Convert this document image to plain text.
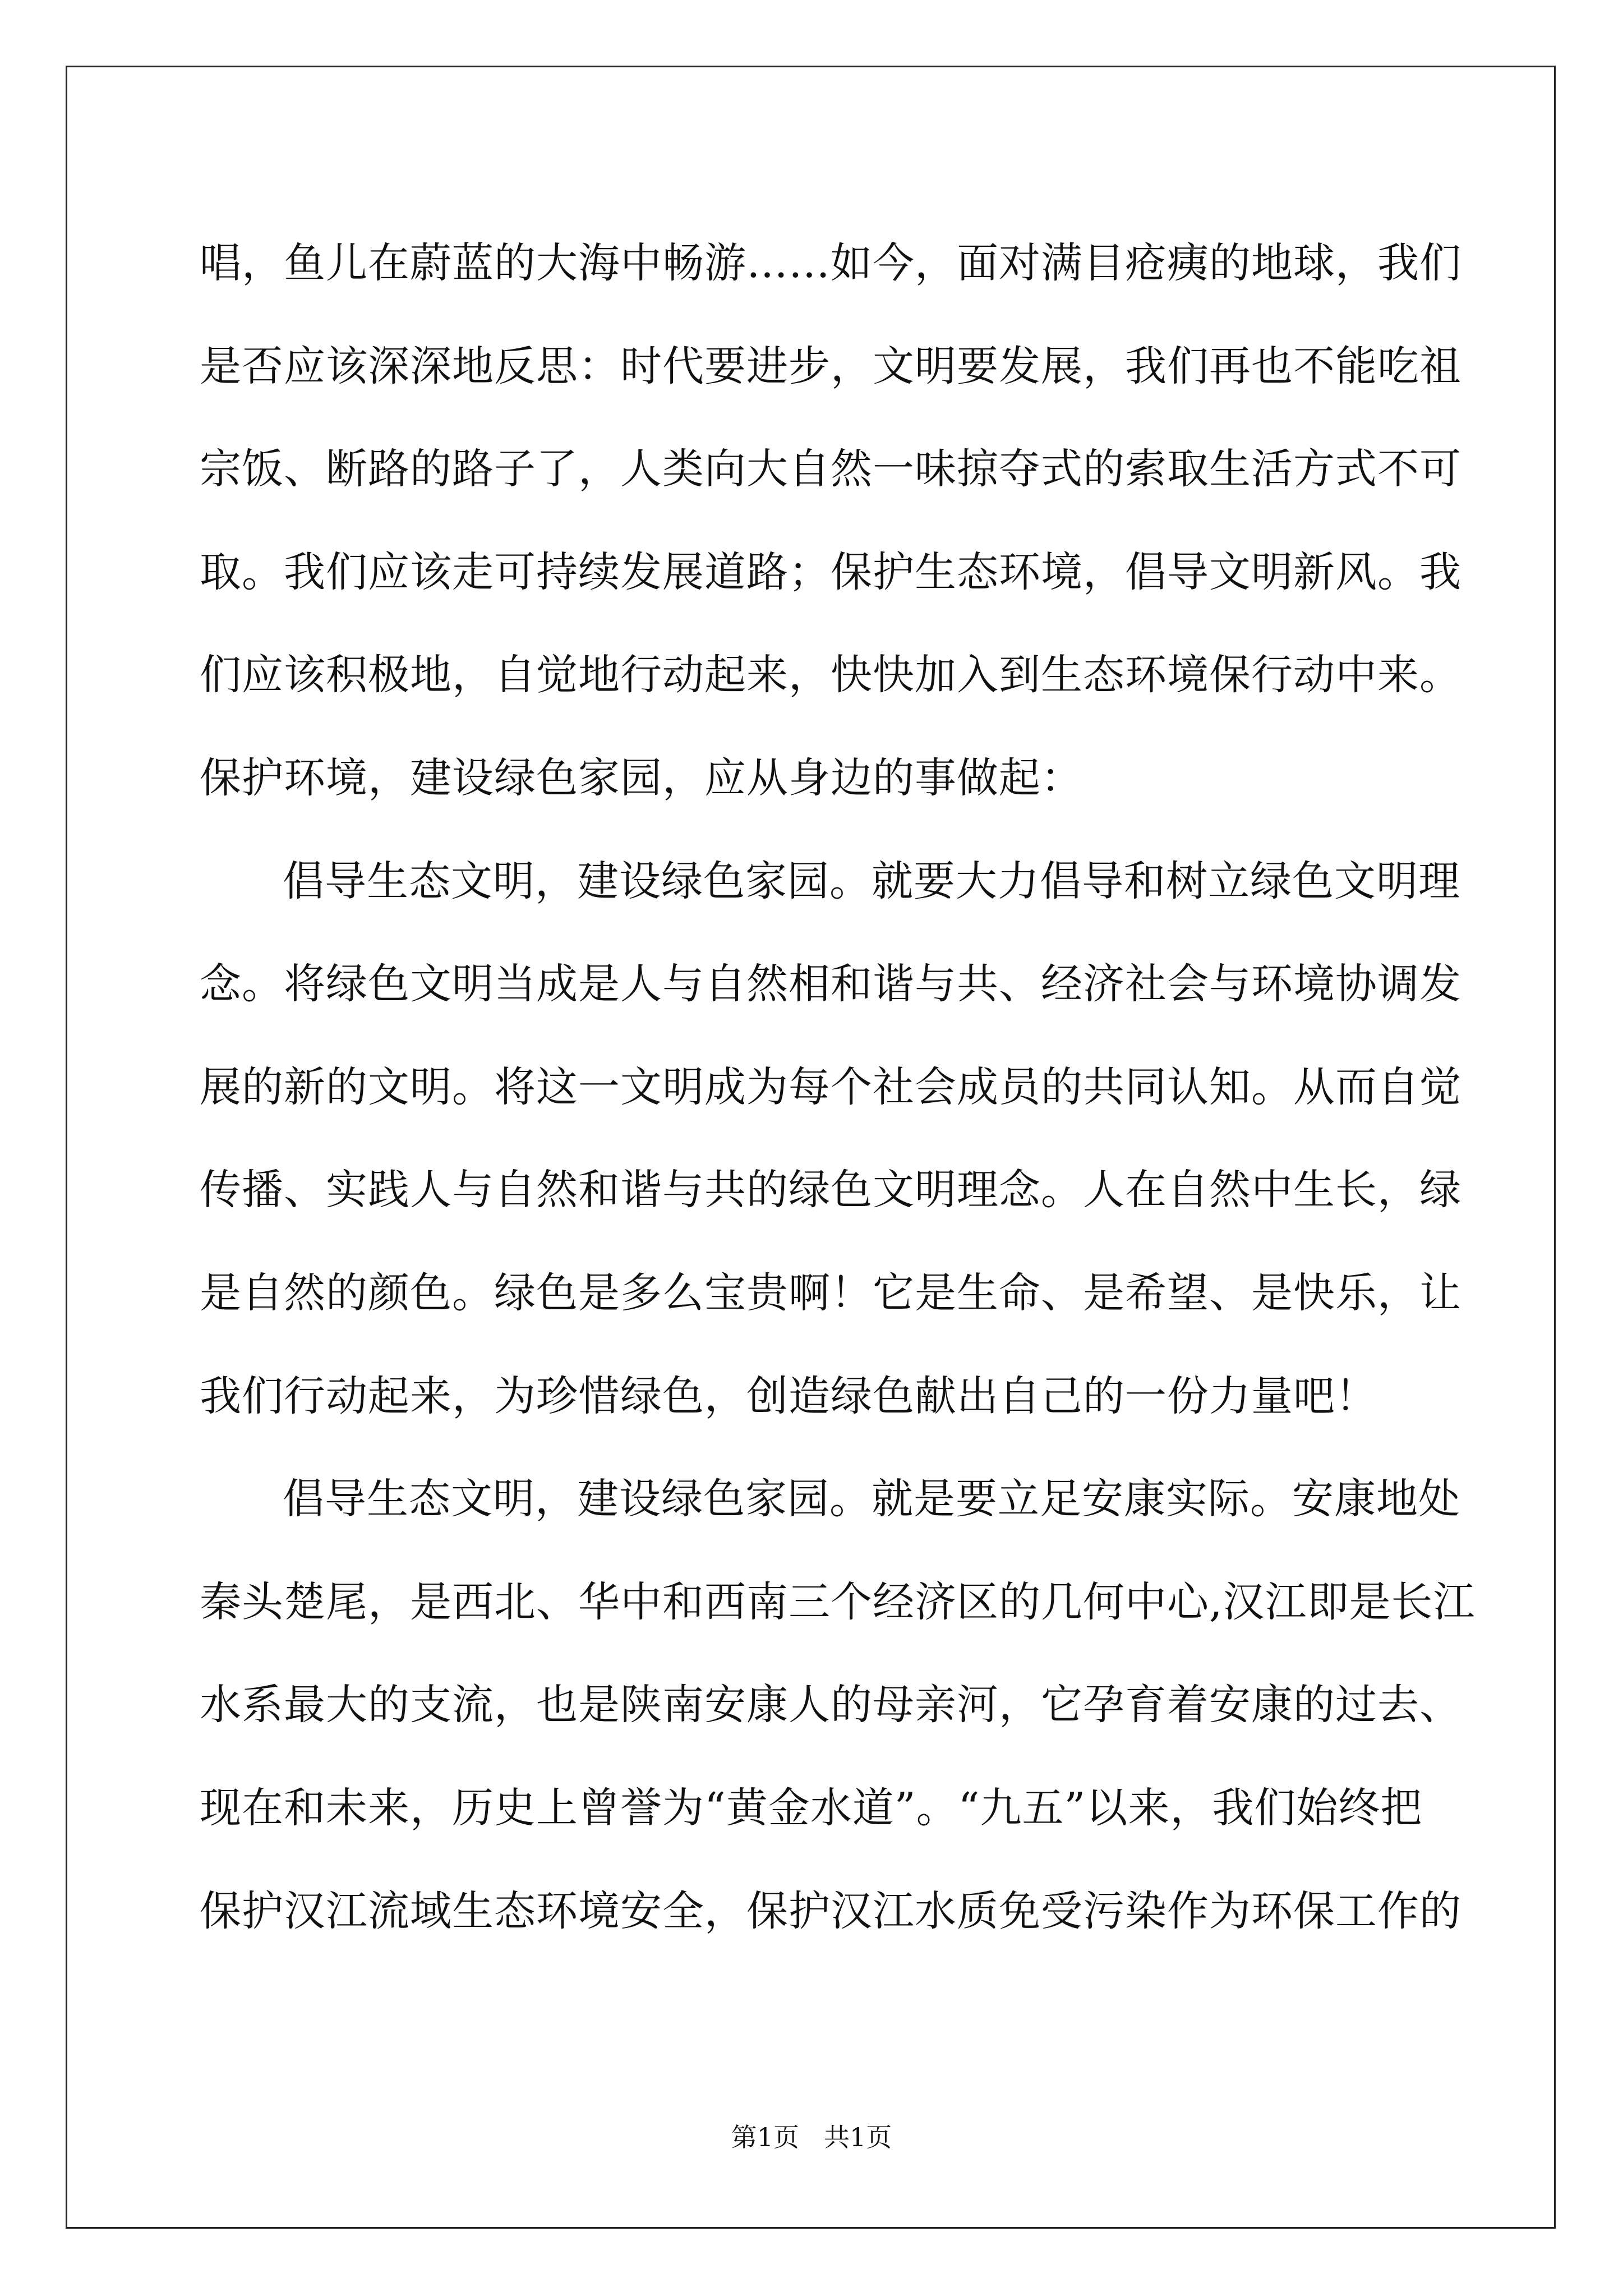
唱，鱼儿在蔚蓝的大海中畅游……如今，面对满目疮痍的地球，我们
是否应该深深地反思：时代要进步，文明要发展，我们再也不能吃祖
宗饭、断路的路子了，人类向大自然一味掠夺式的索取生活方式不可
取。我们应该走可持续发展道路；保护生态环境，倡导文明新风。我
们应该积极地，自觉地行动起来，快快加入到生态环境保行动中来。
保护环境，建设绿色家园，应从身边的事做起：
倡导生态文明，建设绿色家园。就要大力倡导和树立绿色文明理
念。将绿色文明当成是人与自然相和谐与共、经济社会与环境协调发
展的新的文明。将这一文明成为每个社会成员的共同认知。从而自觉
传播、实践人与自然和谐与共的绿色文明理念。人在自然中生长，绿
是自然的颜色。绿色是多么宝贵啊！它是生命、是希望、是快乐，让
我们行动起来，为珍惜绿色，创造绿色献出自己的一份力量吧！
倡导生态文明，建设绿色家园。就是要立足安康实际。安康地处
秦头楚尾，是西北、华中和西南三个经济区的几何中心,汉江即是长江
水系最大的支流，也是陕南安康人的母亲河，它孕育着安康的过去、
现在和未来，历史上曾誉为“黄金水道”。“九五”以来，我们始终把
保护汉江流域生态环境安全，保护汉江水质免受污染作为环保工作的
第1页 共1页
